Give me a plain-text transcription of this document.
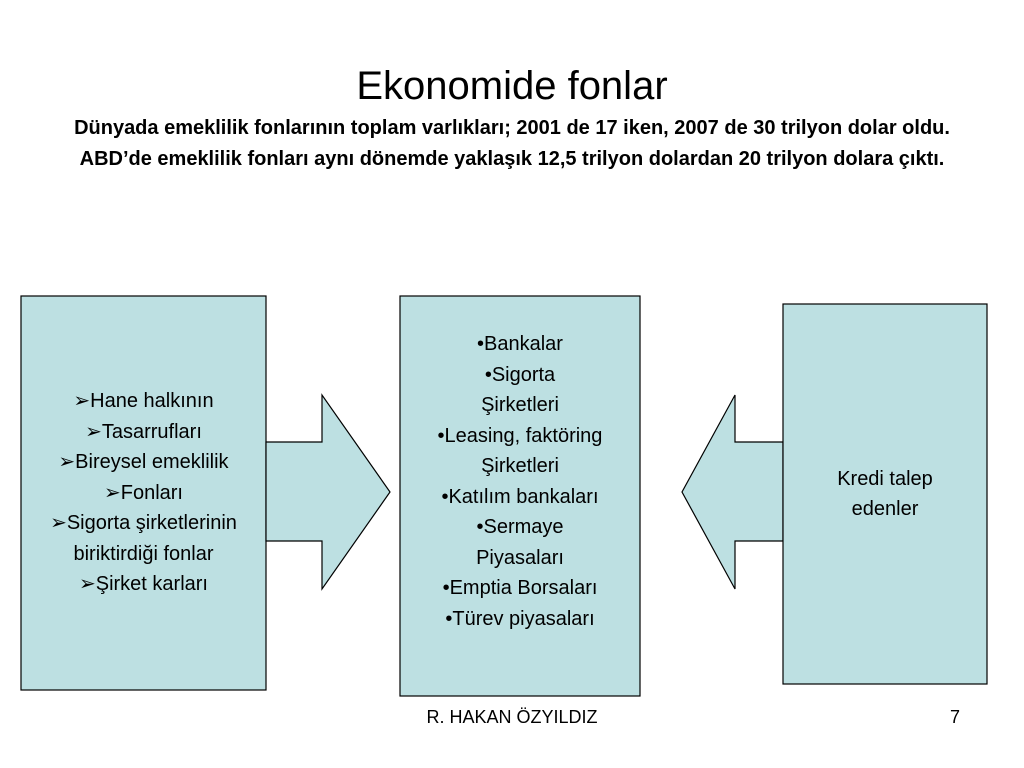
Ekonomide fonlar
Dünyada emeklilik fonlarının toplam varlıkları; 2001 de 17 iken, 2007 de 30 trilyon dolar oldu. ABD’de emeklilik fonları aynı dönemde yaklaşık 12,5 trilyon dolardan 20 trilyon dolara çıktı.
➢Hane halkının
➢Tasarrufları
➢Bireysel emeklilik
➢Fonları
➢Sigorta şirketlerinin
biriktirdiği fonlar
➢Şirket karları
•Bankalar
•Sigorta
Şirketleri
•Leasing, faktöring
Şirketleri
•Katılım bankaları
•Sermaye
Piyasaları
•Emptia Borsaları
•Türev piyasaları
Kredi talep
edenler
R. HAKAN ÖZYILDIZ	7
